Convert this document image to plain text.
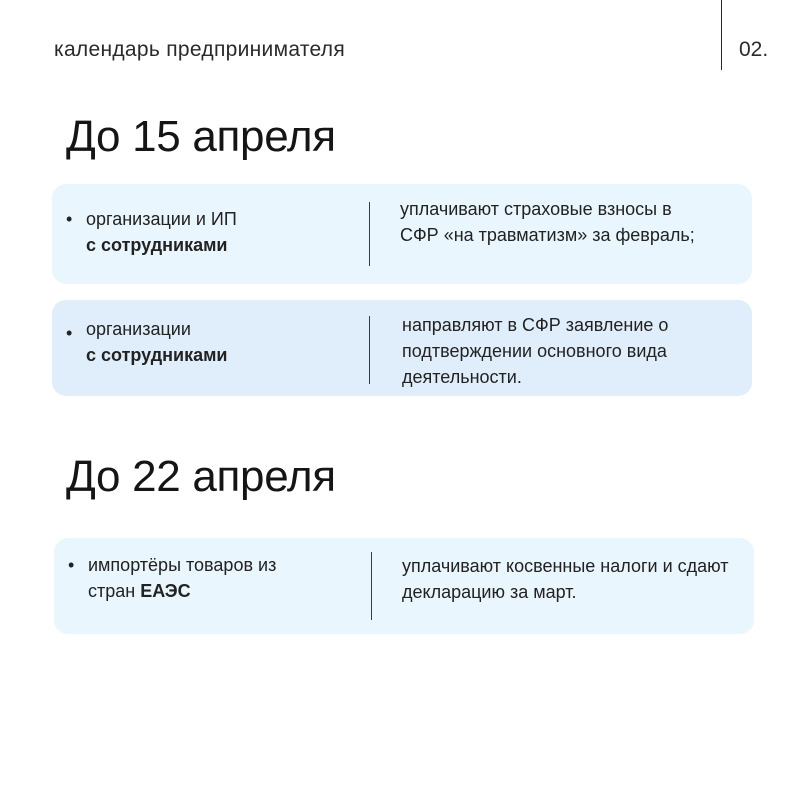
календарь предпринимателя	02.
До 15 апреля
• организации и ИП
с сотрудниками
уплачивают страховые взносы в СФР «на травматизм» за февраль;
• организации
с сотрудниками
направляют в СФР заявление о подтверждении основного вида деятельности.
До 22 апреля
• импортёры товаров из стран ЕАЭС
уплачивают косвенные налоги и сдают декларацию за март.
